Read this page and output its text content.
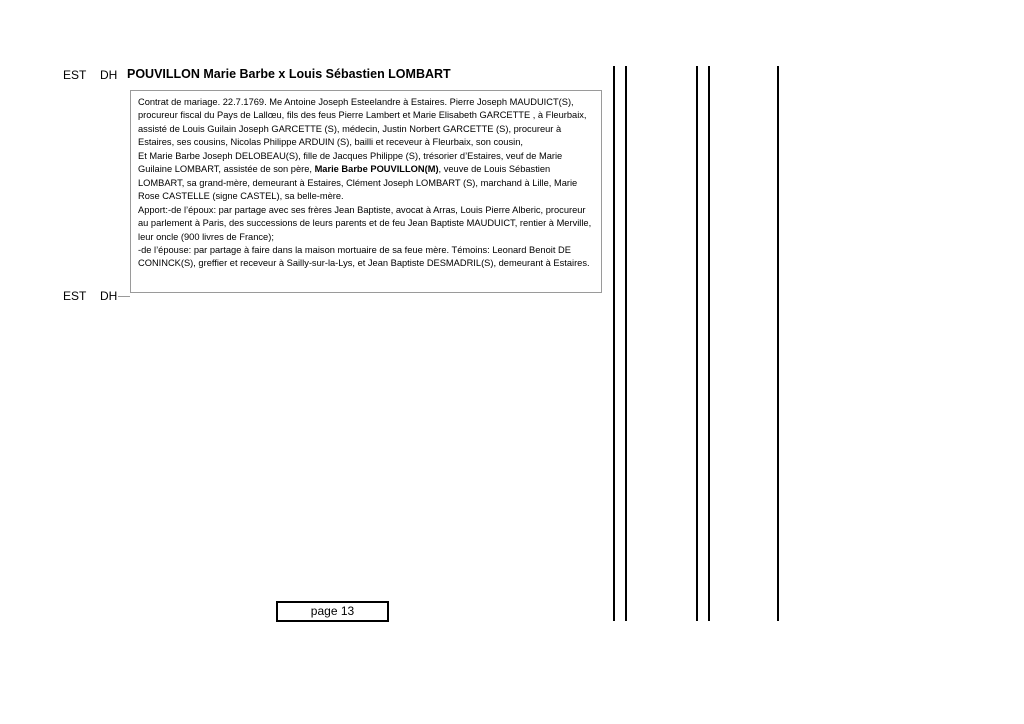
EST DH POUVILLON Marie Barbe x Louis Sébastien LOMBART

Contrat de mariage. 22.7.1769. Me Antoine Joseph Esteelandre à Estaires. Pierre Joseph MAUDUICT(S), procureur fiscal du Pays de Lallœu, fils des feus Pierre Lambert et Marie Elisabeth GARCETTE , à Fleurbaix, assisté de Louis Guilain Joseph GARCETTE (S), médecin, Justin Norbert GARCETTE (S), procureur à Estaires, ses cousins, Nicolas Philippe ARDUIN (S), bailli et receveur à Fleurbaix, son cousin,

Et Marie Barbe Joseph DELOBEAU(S), fille de Jacques Philippe (S), trésorier d’Estaires, veuf de Marie Guilaine LOMBART, assistée de son père, Marie Barbe POUVILLON(M), veuve de Louis Sébastien LOMBART, sa grand-mère, demeurant à Estaires, Clément Joseph LOMBART (S), marchand à Lille, Marie Rose CASTELLE (signe CASTEL), sa belle-mère.

Apport:-de l’époux: par partage avec ses frères Jean Baptiste, avocat à Arras, Louis Pierre Alberic, procureur au parlement à Paris, des successions de leurs parents et de feu Jean Baptiste MAUDUICT, rentier à Merville, leur oncle (900 livres de France);

-de l’épouse: par partage à faire dans la maison mortuaire de sa feue mère. Témoins: Leonard Benoit DE CONINCK(S), greffier et receveur à Sailly-sur-la-Lys, et Jean Baptiste DESMADRIL(S), demeurant à Estaires.

EST DH
page 13
